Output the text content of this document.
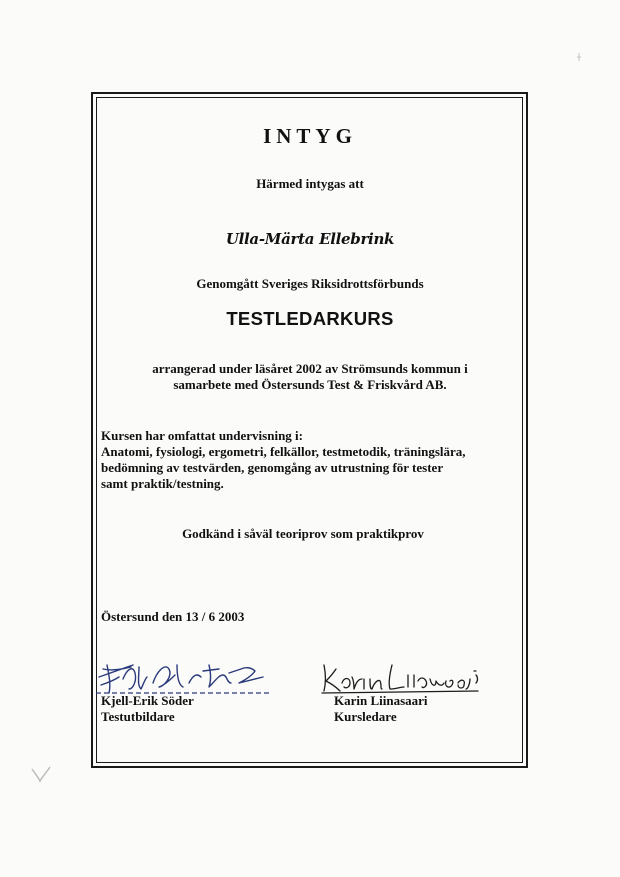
INTYG
Härmed intygas att
Ulla-Märta Ellebrink
Genomgått Sveriges Riksidrottsförbunds
TESTLEDARKURS
arrangerad under läsåret 2002 av Strömsunds kommun i
samarbete med Östersunds Test & Friskvård AB.
Kursen har omfattat undervisning i:
Anatomi, fysiologi, ergometri, felkällor, testmetodik, träningslära,
bedömning av testvärden, genomgång av utrustning för tester
samt praktik/testning.
Godkänd i såväl teoriprov som praktikprov
Östersund den 13 / 6 2003
Kjell-Erik Söder
Testutbildare
Karin Liinasaari
Kursledare
